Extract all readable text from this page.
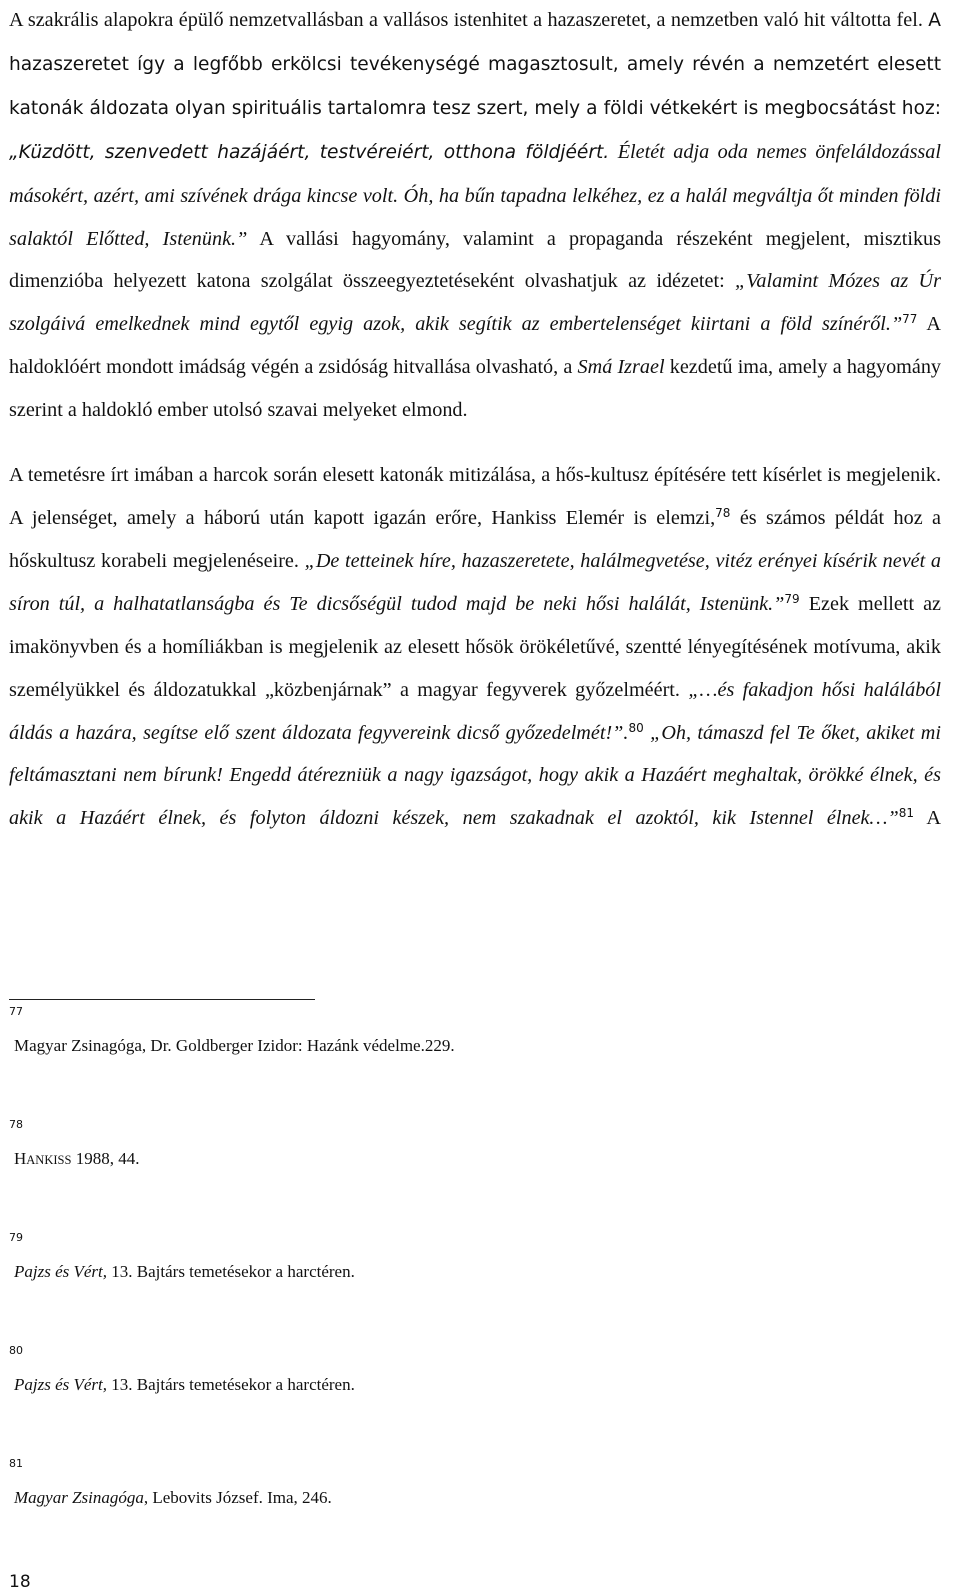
A szakrális alapokra épülő nemzetvallásban a vallásos istenhitet a hazaszeretet, a nemzetben való hit váltotta fel. A hazaszeretet így a legfőbb erkölcsi tevékenységé magasztosult, amely révén a nemzetért elesett katonák áldozata olyan spirituális tartalomra tesz szert, mely a földi vétkekért is megbocsátást hoz: „Küzdött, szenvedett hazájáért, testvéreiért, otthona földjéért. Életét adja oda nemes önfeláldozással másokért, azért, ami szívének drága kincse volt. Óh, ha bűn tapadna lelkéhez, ez a halál megváltja őt minden földi salaktól Előtted, Istenünk.” A vallási hagyomány, valamint a propaganda részeként megjelent, misztikus dimenzióba helyezett katona szolgálat összeegyeztetéseként olvashatjuk az idézetet: „Valamint Mózes az Úr szolgáivá emelkednek mind egytől egyig azok, akik segítik az embertelenséget kiirtani a föld színéről.”$^{77}$ A haldoklóért mondott imádság végén a zsidóság hitvallása olvasható, a Smá Izrael kezdetű ima, amely a hagyomány szerint a haldokló ember utolsó szavai melyeket elmond.

A temetésre írt imában a harcok során elesett katonák mitizálása, a hős-kultusz építésére tett kísérlet is megjelenik. A jelenséget, amely a háború után kapott igazán erőre, Hankiss Elemér is elemzi,$^{78}$ és számos példát hoz a hőskultusz korabeli megjelenéseire. „De tetteinek híre, hazaszeretete, halálmegvetése, vitéz erényei kísérik nevét a síron túl, a halhatatlanságba és Te dicsőségül tudod majd be neki hősi halálát, Istenünk.”$^{79}$ Ezek mellett az imakönyvben és a homíliákban is megjelenik az elesett hősök örökéletűvé, szentté lényegítésének motívuma, akik személyükkel és áldozatukkal „közbenjárnak” a magyar fegyverek győzelméért. „…és fakadjon hősi halálából áldás a hazára, segítse elő szent áldozata fegyvereink dicső győzedelmét!”.$^{80}$ „Oh, támaszd fel Te őket, akiket mi feltámasztani nem bírunk! Engedd átérezniük a nagy igazságot, hogy akik a Hazáért meghaltak, örökké élnek, és akik a Hazáért élnek, és folyton áldozni készek, nem szakadnak el azoktól, kik Istennel élnek…”$^{81}$ A

77
Magyar Zsinagóga, Dr. Goldberger Izidor: Hazánk védelme.229.
78
HANKISS 1988, 44.
79
Pajzs és Vért, 13. Bajtárs temetésekor a harctéren.
80
Pajzs és Vért, 13. Bajtárs temetésekor a harctéren.
81
Magyar Zsinagóga, Lebovits József. Ima, 246.
18
